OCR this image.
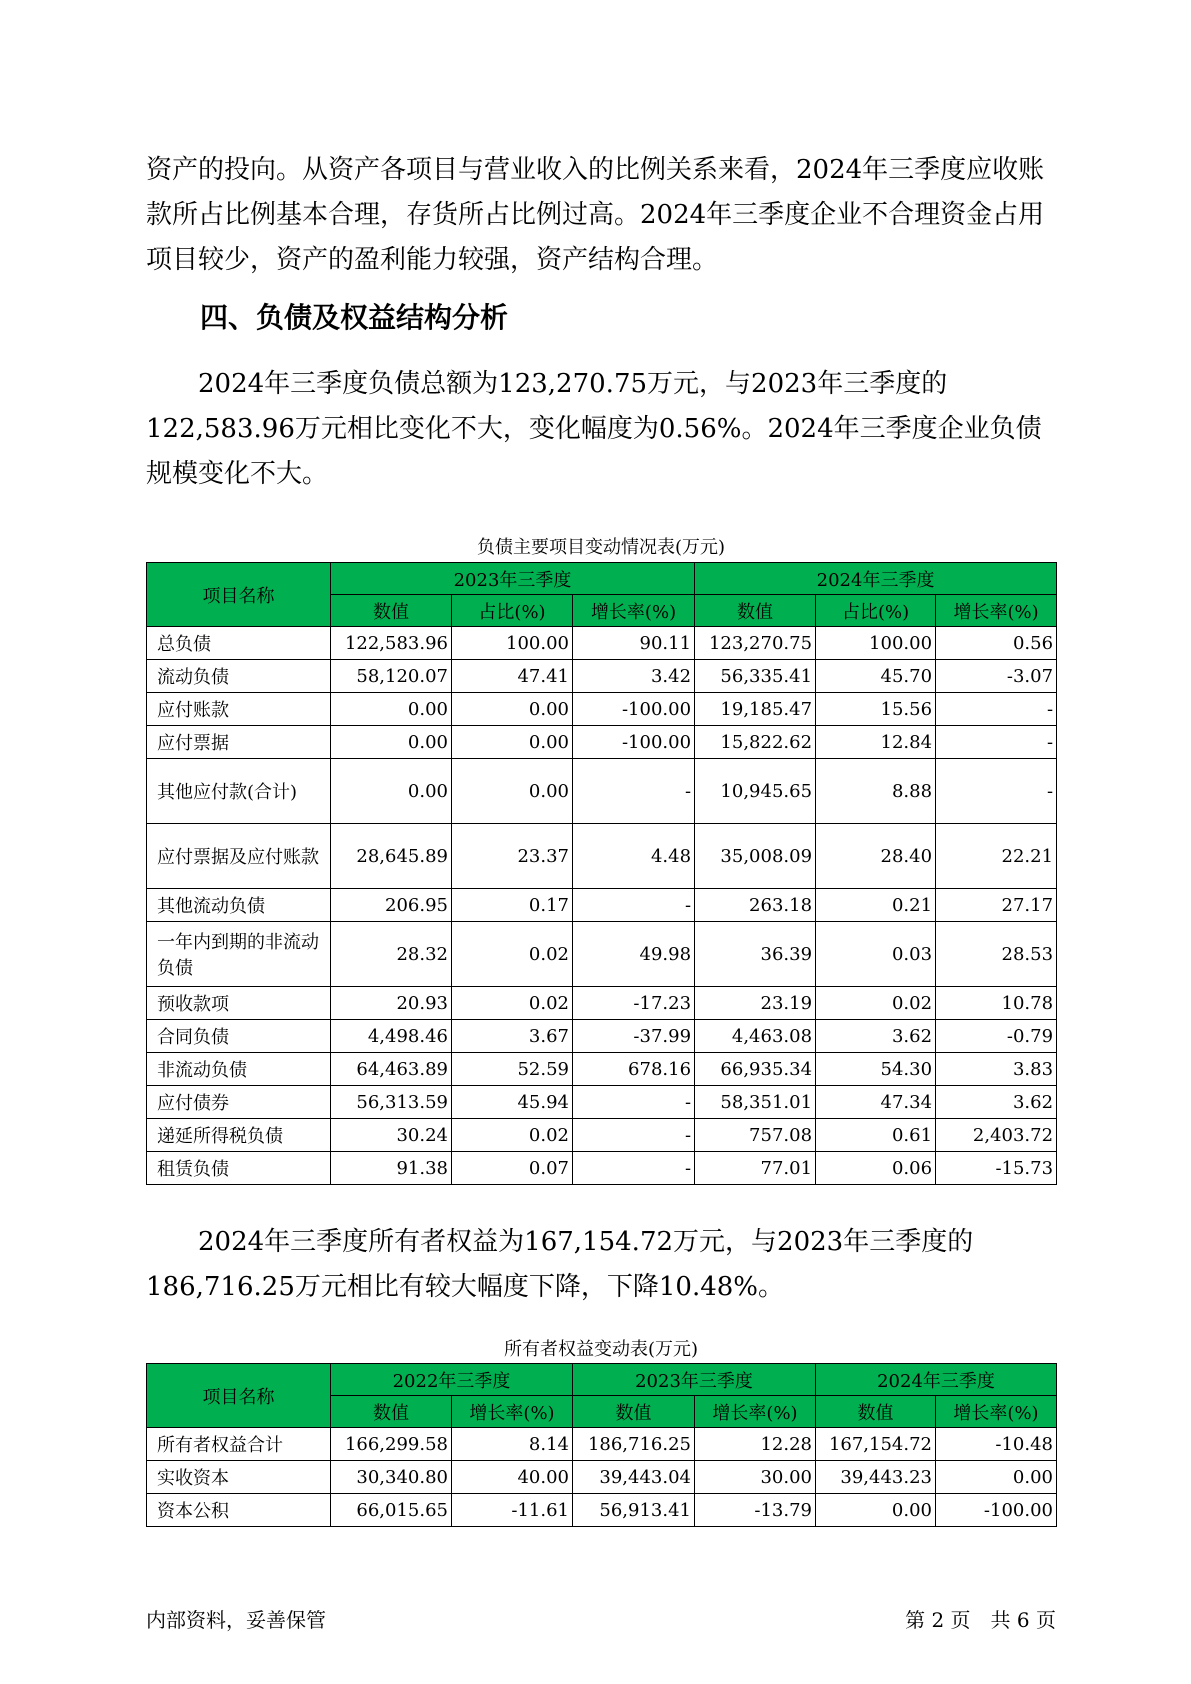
资产的投向。从资产各项目与营业收入的比例关系来看，2024年三季度应收账款所占比例基本合理，存货所占比例过高。2024年三季度企业不合理资金占用项目较少，资产的盈利能力较强，资产结构合理。

四、负债及权益结构分析

2024年三季度负债总额为123,270.75万元，与2023年三季度的122,583.96万元相比变化不大，变化幅度为0.56%。2024年三季度企业负债规模变化不大。

负债主要项目变动情况表(万元)
项目名称	2023年三季度			2024年三季度		
	数值	占比(%)	增长率(%)	数值	占比(%)	增长率(%)
总负债	122,583.96	100.00	90.11	123,270.75	100.00	0.56
流动负债	58,120.07	47.41	3.42	56,335.41	45.70	-3.07
应付账款	0.00	0.00	-100.00	19,185.47	15.56	-
应付票据	0.00	0.00	-100.00	15,822.62	12.84	-
其他应付款(合计)	0.00	0.00	-	10,945.65	8.88	-
应付票据及应付账款	28,645.89	23.37	4.48	35,008.09	28.40	22.21
其他流动负债	206.95	0.17	-	263.18	0.21	27.17
一年内到期的非流动负债	28.32	0.02	49.98	36.39	0.03	28.53
预收款项	20.93	0.02	-17.23	23.19	0.02	10.78
合同负债	4,498.46	3.67	-37.99	4,463.08	3.62	-0.79
非流动负债	64,463.89	52.59	678.16	66,935.34	54.30	3.83
应付债券	56,313.59	45.94	-	58,351.01	47.34	3.62
递延所得税负债	30.24	0.02	-	757.08	0.61	2,403.72
租赁负债	91.38	0.07	-	77.01	0.06	-15.73

2024年三季度所有者权益为167,154.72万元，与2023年三季度的186,716.25万元相比有较大幅度下降，下降10.48%。

所有者权益变动表(万元)
项目名称	2022年三季度		2023年三季度		2024年三季度	
	数值	增长率(%)	数值	增长率(%)	数值	增长率(%)
所有者权益合计	166,299.58	8.14	186,716.25	12.28	167,154.72	-10.48
实收资本	30,340.80	40.00	39,443.04	30.00	39,443.23	0.00
资本公积	66,015.65	-11.61	56,913.41	-13.79	0.00	-100.00
内部资料，妥善保管	第 2 页　共 6 页
